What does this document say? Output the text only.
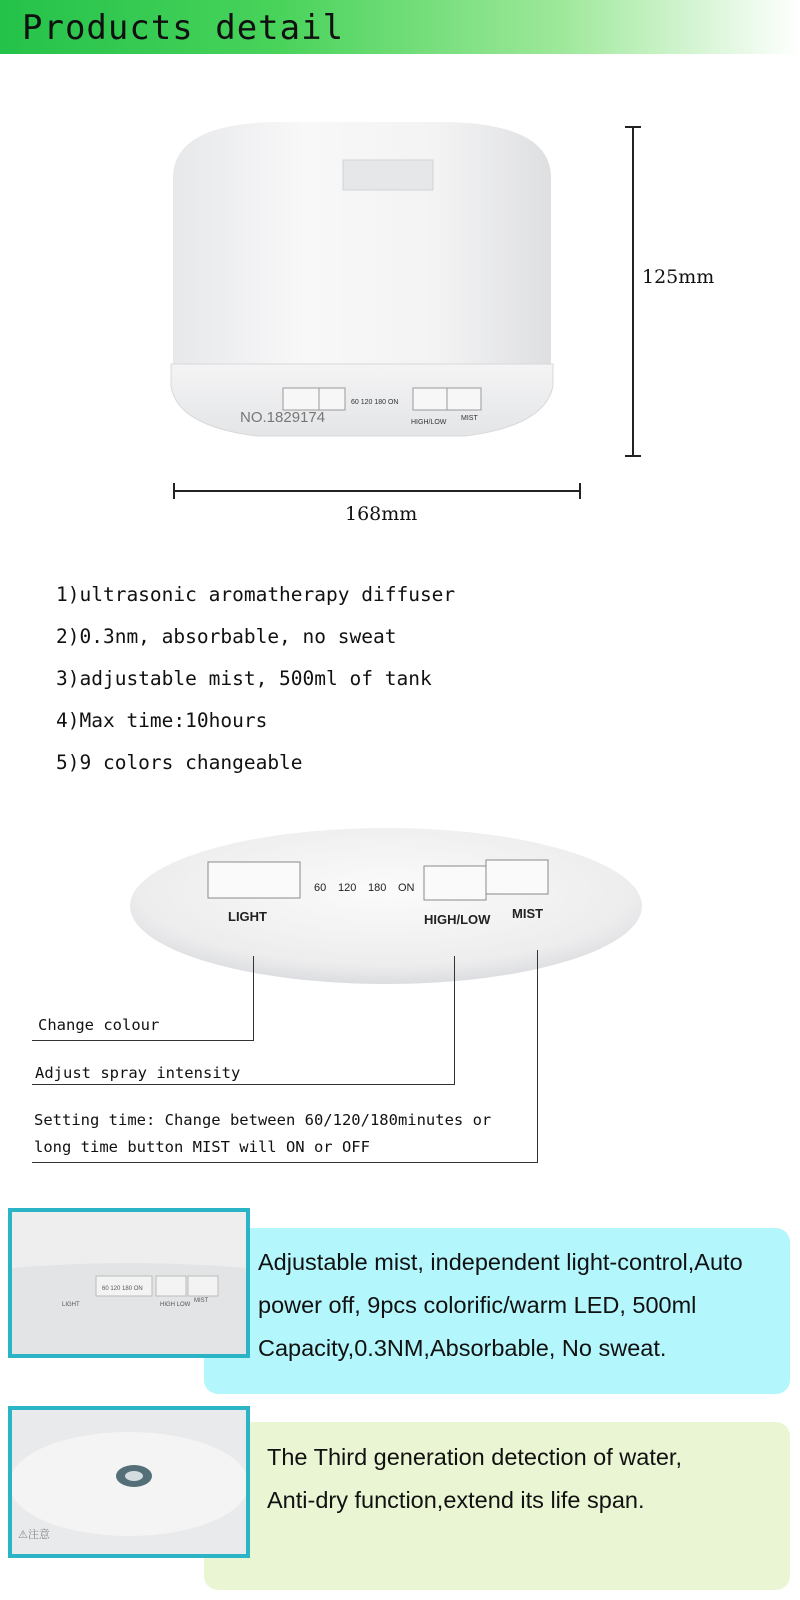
Products detail
60 120 180 ON
HIGH/LOW
MIST
NO.1829174
125mm
168mm
1)ultrasonic aromatherapy diffuser
2)0.3nm, absorbable, no sweat
3)adjustable mist, 500ml of tank
4)Max time:10hours
5)9 colors changeable
LIGHT
60 120 180 ON
HIGH/LOW MIST
Change colour
Adjust spray intensity
Setting time: Change between 60/120/180minutes or
long time button MIST will ON or OFF
LIGHT
60 120 180 ON
HIGH LOW
MIST
Adjustable mist, independent light-control,Auto
power off, 9pcs colorific/warm LED, 500ml
Capacity,0.3NM,Absorbable, No sweat.
⚠注意
The Third generation detection of water,
Anti-dry function,extend its life span.
